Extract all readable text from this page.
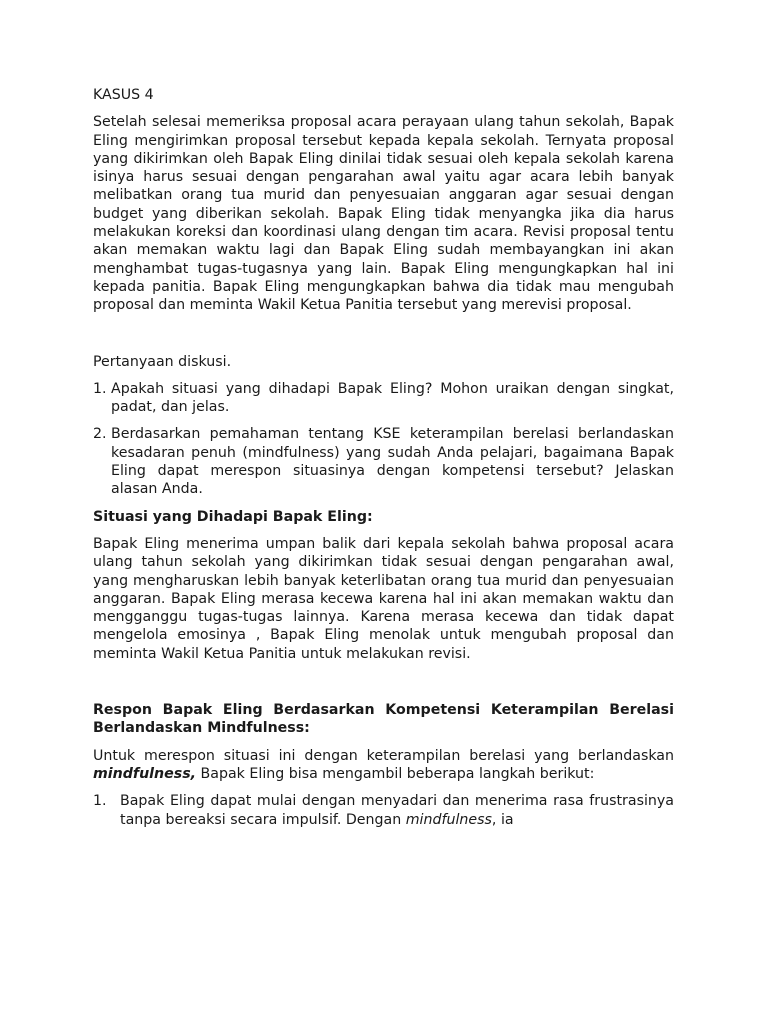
KASUS 4

Setelah selesai memeriksa proposal acara perayaan ulang tahun sekolah, Bapak Eling mengirimkan proposal tersebut kepada kepala sekolah. Ternyata proposal yang dikirimkan oleh Bapak Eling dinilai tidak sesuai oleh kepala sekolah karena isinya harus sesuai dengan pengarahan awal yaitu agar acara lebih banyak melibatkan orang tua murid dan penyesuaian anggaran agar sesuai dengan budget yang diberikan sekolah. Bapak Eling tidak menyangka jika dia harus melakukan koreksi dan koordinasi ulang dengan tim acara. Revisi proposal tentu akan memakan waktu lagi dan Bapak Eling sudah membayangkan ini akan menghambat tugas-tugasnya yang lain. Bapak Eling mengungkapkan hal ini kepada panitia. Bapak Eling mengungkapkan bahwa dia tidak mau mengubah proposal dan meminta Wakil Ketua Panitia tersebut yang merevisi proposal.

Pertanyaan diskusi.

1. Apakah situasi yang dihadapi Bapak Eling? Mohon uraikan dengan singkat, padat, dan jelas.
2. Berdasarkan pemahaman tentang KSE keterampilan berelasi berlandaskan kesadaran penuh (mindfulness) yang sudah Anda pelajari, bagaimana Bapak Eling dapat merespon situasinya dengan kompetensi tersebut? Jelaskan alasan Anda.

Situasi yang Dihadapi Bapak Eling:

Bapak Eling menerima umpan balik dari kepala sekolah bahwa proposal acara ulang tahun sekolah yang dikirimkan tidak sesuai dengan pengarahan awal, yang mengharuskan lebih banyak keterlibatan orang tua murid dan penyesuaian anggaran. Bapak Eling merasa kecewa karena hal ini akan memakan waktu dan mengganggu tugas-tugas lainnya. Karena merasa kecewa dan tidak dapat mengelola emosinya , Bapak Eling menolak untuk mengubah proposal dan meminta Wakil Ketua Panitia untuk melakukan revisi.

Respon Bapak Eling Berdasarkan Kompetensi Keterampilan Berelasi Berlandaskan Mindfulness:

Untuk merespon situasi ini dengan keterampilan berelasi yang berlandaskan mindfulness, Bapak Eling bisa mengambil beberapa langkah berikut:

1. Bapak Eling dapat mulai dengan menyadari dan menerima rasa frustrasinya tanpa bereaksi secara impulsif. Dengan mindfulness, ia
